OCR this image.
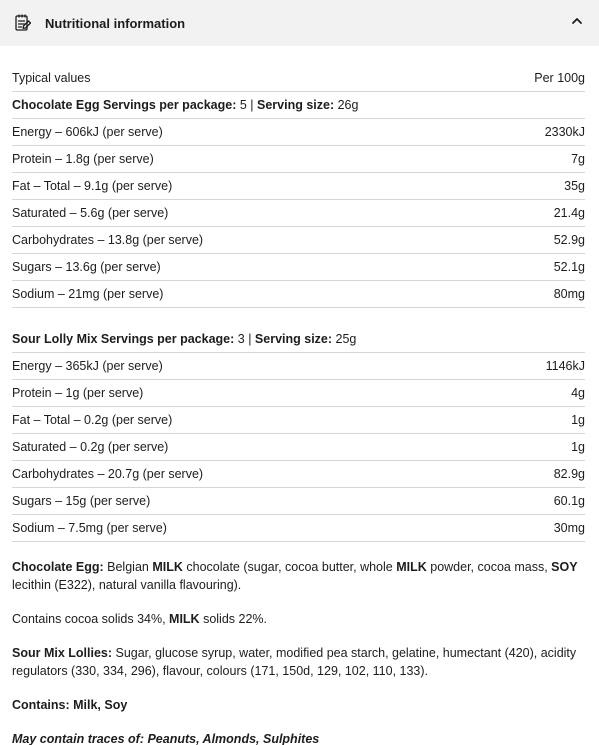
Nutritional information
Typical values	Per 100g
Chocolate Egg Servings per package: 5 | Serving size: 26g
Energy – 606kJ (per serve)	2330kJ
Protein – 1.8g (per serve)	7g
Fat – Total – 9.1g (per serve)	35g
Saturated – 5.6g (per serve)	21.4g
Carbohydrates – 13.8g (per serve)	52.9g
Sugars – 13.6g (per serve)	52.1g
Sodium – 21mg (per serve)	80mg
Sour Lolly Mix Servings per package: 3 | Serving size: 25g
Energy – 365kJ (per serve)	1146kJ
Protein – 1g (per serve)	4g
Fat – Total – 0.2g (per serve)	1g
Saturated – 0.2g (per serve)	1g
Carbohydrates – 20.7g (per serve)	82.9g
Sugars – 15g (per serve)	60.1g
Sodium – 7.5mg (per serve)	30mg

Chocolate Egg: Belgian MILK chocolate (sugar, cocoa butter, whole MILK powder, cocoa mass, SOY lecithin (E322), natural vanilla flavouring).

Contains cocoa solids 34%, MILK solids 22%.

Sour Mix Lollies: Sugar, glucose syrup, water, modified pea starch, gelatine, humectant (420), acidity regulators (330, 334, 296), flavour, colours (171, 150d, 129, 102, 110, 133).

Contains: Milk, Soy

May contain traces of: Peanuts, Almonds, Sulphites
